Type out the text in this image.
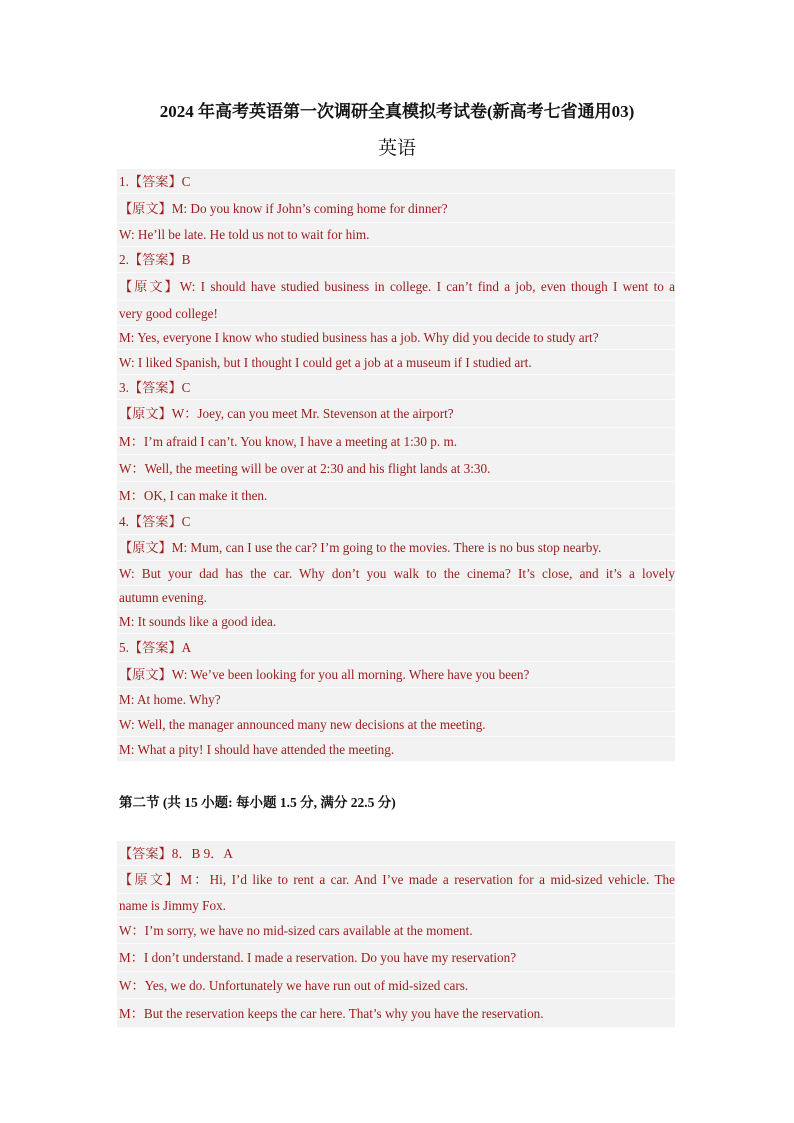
2024 年高考英语第一次调研全真模拟考试卷(新高考七省通用03)
英语
1.【答案】C
【原文】M: Do you know if John’s coming home for dinner?
W: He’ll be late. He told us not to wait for him.
2.【答案】B
【原文】W: I should have studied business in college. I can’t find a job, even though I went to a
very good college!
M: Yes, everyone I know who studied business has a job. Why did you decide to study art?
W: I liked Spanish, but I thought I could get a job at a museum if I studied art.
3.【答案】C
【原文】W：Joey, can you meet Mr. Stevenson at the airport?
M：I’m afraid I can’t. You know, I have a meeting at 1:30 p. m.
W：Well, the meeting will be over at 2:30 and his flight lands at 3:30.
M：OK, I can make it then.
4.【答案】C
【原文】M: Mum, can I use the car? I’m going to the movies. There is no bus stop nearby.
W: But your dad has the car. Why don’t you walk to the cinema? It’s close, and it’s a lovely
autumn evening.
M: It sounds like a good idea.
5.【答案】A
【原文】W: We’ve been looking for you all morning. Where have you been?
M: At home. Why?
W: Well, the manager announced many new decisions at the meeting.
M: What a pity! I should have attended the meeting.
第二节 (共 15 小题: 每小题 1.5 分, 满分 22.5 分)
【答案】8．B 9．A
【原文】M：Hi, I’d like to rent a car. And I’ve made a reservation for a mid-sized vehicle. The
name is Jimmy Fox.
W：I’m sorry, we have no mid-sized cars available at the moment.
M：I don’t understand. I made a reservation. Do you have my reservation?
W：Yes, we do. Unfortunately we have run out of mid-sized cars.
M：But the reservation keeps the car here. That’s why you have the reservation.
